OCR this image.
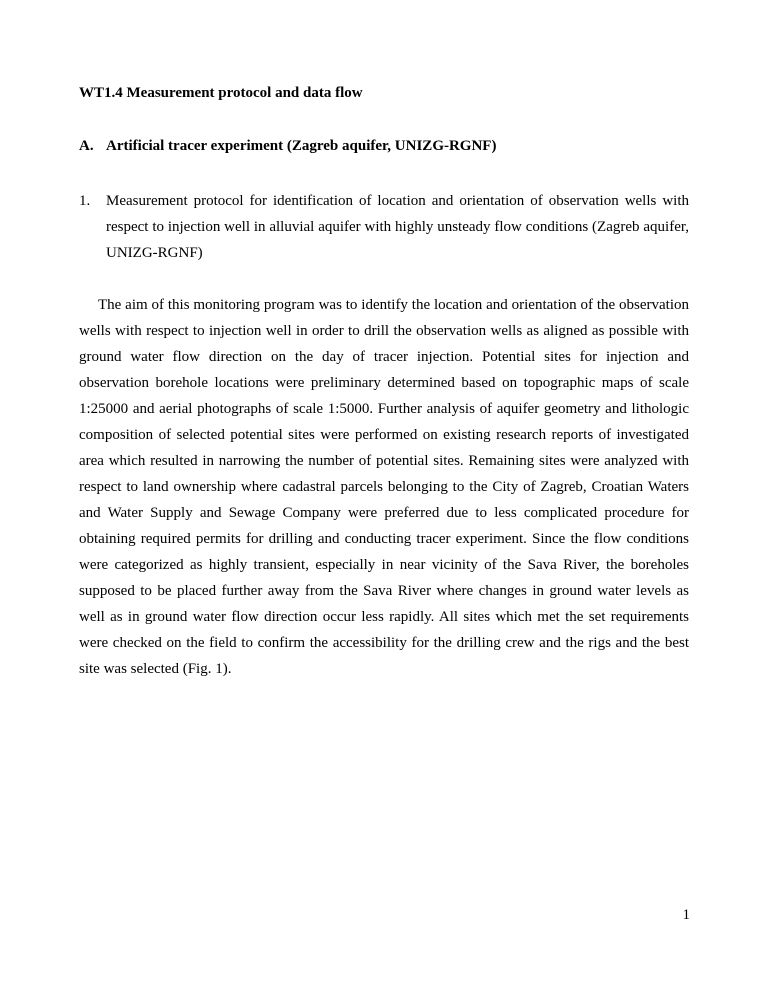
WT1.4 Measurement protocol and data flow
A. Artificial tracer experiment (Zagreb aquifer, UNIZG-RGNF)
1. Measurement protocol for identification of location and orientation of observation wells with respect to injection well in alluvial aquifer with highly unsteady flow conditions (Zagreb aquifer, UNIZG-RGNF)

The aim of this monitoring program was to identify the location and orientation of the observation wells with respect to injection well in order to drill the observation wells as aligned as possible with ground water flow direction on the day of tracer injection. Potential sites for injection and observation borehole locations were preliminary determined based on topographic maps of scale 1:25000 and aerial photographs of scale 1:5000. Further analysis of aquifer geometry and lithologic composition of selected potential sites were performed on existing research reports of investigated area which resulted in narrowing the number of potential sites. Remaining sites were analyzed with respect to land ownership where cadastral parcels belonging to the City of Zagreb, Croatian Waters and Water Supply and Sewage Company were preferred due to less complicated procedure for obtaining required permits for drilling and conducting tracer experiment. Since the flow conditions were categorized as highly transient, especially in near vicinity of the Sava River, the boreholes supposed to be placed further away from the Sava River where changes in ground water levels as well as in ground water flow direction occur less rapidly. All sites which met the set requirements were checked on the field to confirm the accessibility for the drilling crew and the rigs and the best site was selected (Fig. 1).

1
